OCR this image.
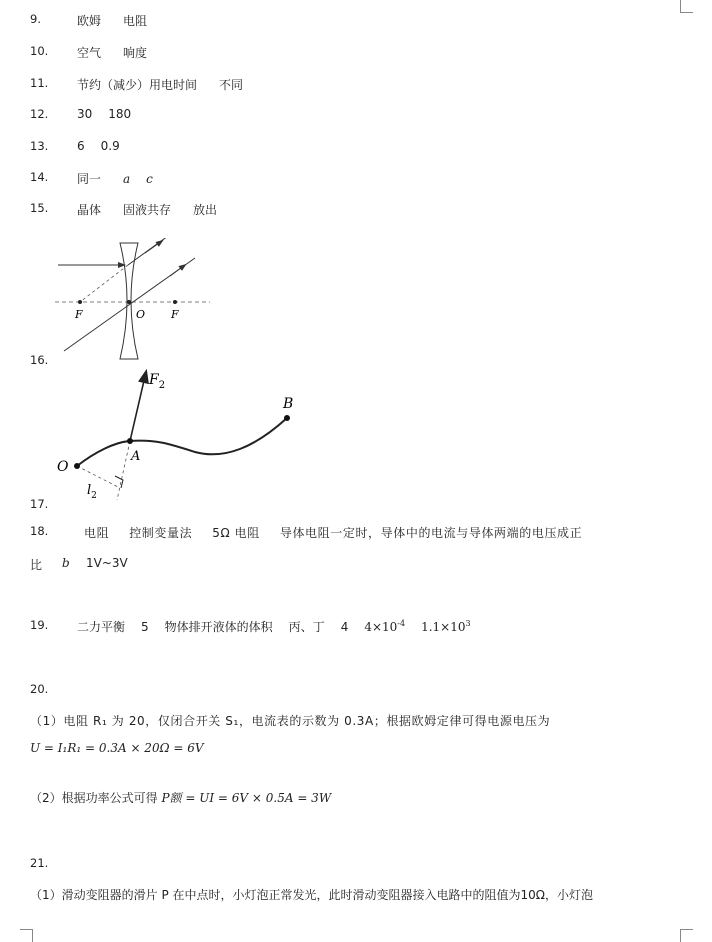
9.	欧姆 电阻
10. 空气 响度
11. 节约（减少）用电时间 不同
12. 30 180
13. 6 0.9
14. 同一 a c
15. 晶体 固液共存 放出
F	O F
16.
$F_2$
O
A
B
$l_2$
17.
18.	电阻 控制变量法 5Ω 电阻 导体电阻一定时，导体中的电流与导体两端的电压成正
比 b 1V~3V
19. 二力平衡 5 物体排开液体的体积 丙、丁 4 $4\times 10^{-4}$ $1.1\times 10^3$
20.
（1）电阻 R₁ 为 20，仅闭合开关 S₁，电流表的示数为 0.3A；根据欧姆定律可得电源电压为
U = I₁R₁ = 0.3A × 20Ω = 6V
（2）根据功率公式可得 P额 = UI = 6V × 0.5A = 3W
21.
（1）滑动变阻器的滑片 P 在中点时，小灯泡正常发光，此时滑动变阻器接入电路中的阻值为10Ω，小灯泡
